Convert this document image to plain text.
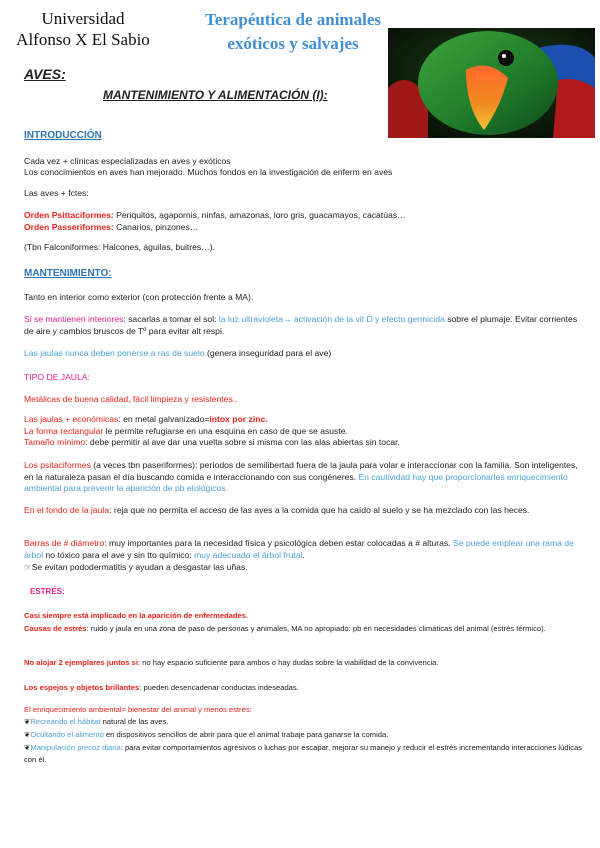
Universidad
Alfonso X El Sabio
Terapéutica de animales
exóticos y salvajes
AVES:
MANTENIMIENTO Y ALIMENTACIÓN (I):
INTRODUCCIÓN
Cada vez + clínicas especializadas en aves y exóticos
Los conocimientos en aves han mejorado. Muchos fondos en la investigación de enferm en aves
Las aves + fctes:
Orden Psittaciformes: Periquitos, agapornis, ninfas, amazonas, loro gris, guacamayos, cacatúas…
Orden Passeriformes: Canarios, pinzones…
(Tbn Falconiformes: Halcones, águilas, buitres…).
MANTENIMIENTO:
Tanto en interior como exterior (con protección frente a MA).
Si se mantienen interiores: sacarlas a tomar el sol: la luz ultravioleta→ activación de la vit D y efecto germicida sobre el plumaje. Evitar corrientes de aire y cambios bruscos de Tº para evitar alt respi.
Las jaulas nunca deben ponerse a ras de suelo (genera inseguridad para el ave)
TIPO DE JAULA:
Metálicas de buena calidad, fácil limpieza y resistentes..
Las jaulas + económicas: en metal galvanizado=intox por zinc.
La forma rectangular le permite refugiarse en una esquina en caso de que se asuste.
Tamaño mínimo: debe permitir al ave dar una vuelta sobre si misma con las alas abiertas sin tocar.
Los psitaciformes (a veces tbn paseriformes): períodos de semilibertad fuera de la jaula para volar e interaccionar con la familia. Son inteligentes, en la naturaleza pasan el día buscando comida e interaccionando con sus congéneres. En cautividad hay que proporcionarles enriquecimiento ambiental para prevenir la aparición de pb etológicos.
En el fondo de la jaula: reja que no permita el acceso de las aves a la comida que ha caído al suelo y se ha mezclado con las heces.
Barras de # diámetro: muy importantes para la necesidad física y psicológica deben estar colocadas a # alturas. Se puede emplear una rama de árbol no tóxico para el ave y sin tto químico: muy adecuado el árbol frutal.
☞Se evitan pododermatitis y ayudan a desgastar las uñas.
ESTRÉS:
Casi siempre está implicado en la aparición de enfermedades.
Causas de estrés: ruido y jaula en una zona de paso de personas y animales, MA no apropiado: pb en necesidades climáticas del animal (estrés térmico).
No alojar 2 ejemplares juntos si: no hay espacio suficiente para ambos o hay dudas sobre la viabilidad de la convivencia.
Los espejos y objetos brillantes: pueden desencadenar conductas indeseadas.
El enriquecimiento ambiental= bienestar del animal y menos estrés:
❦Recreando el hábitat natural de las aves.
❦Ocultando el alimento en dispositivos sencillos de abrir para que el animal trabaje para ganarse la comida.
❦Manipulación precoz diaria: para evitar comportamientos agresivos o luchas por escapar, mejorar su manejo y reducir el estrés incrementando interacciones lúdicas con él.
